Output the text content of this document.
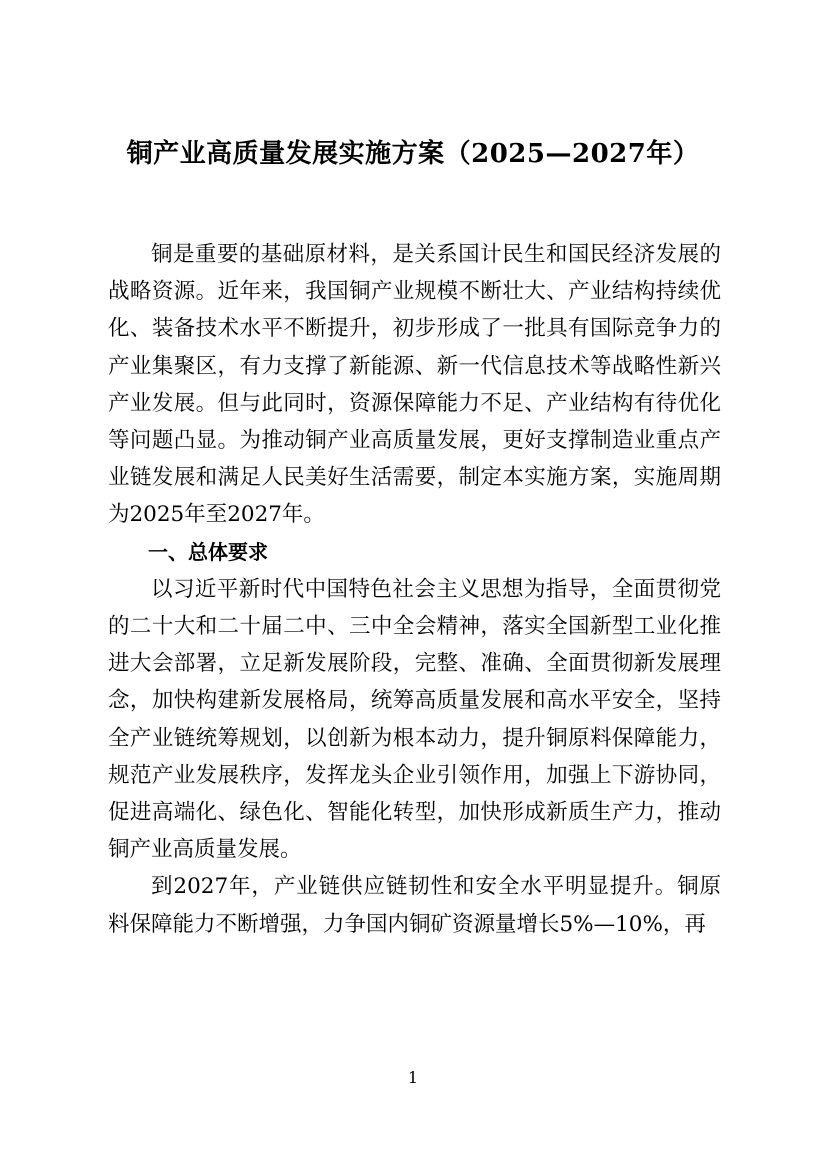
铜产业高质量发展实施方案（2025—2027年）

铜是重要的基础原材料，是关系国计民生和国民经济发展的战略资源。近年来，我国铜产业规模不断壮大、产业结构持续优化、装备技术水平不断提升，初步形成了一批具有国际竞争力的产业集聚区，有力支撑了新能源、新一代信息技术等战略性新兴产业发展。但与此同时，资源保障能力不足、产业结构有待优化等问题凸显。为推动铜产业高质量发展，更好支撑制造业重点产业链发展和满足人民美好生活需要，制定本实施方案，实施周期为2025年至2027年。

一、总体要求

以习近平新时代中国特色社会主义思想为指导，全面贯彻党的二十大和二十届二中、三中全会精神，落实全国新型工业化推进大会部署，立足新发展阶段，完整、准确、全面贯彻新发展理念，加快构建新发展格局，统筹高质量发展和高水平安全，坚持全产业链统筹规划，以创新为根本动力，提升铜原料保障能力，规范产业发展秩序，发挥龙头企业引领作用，加强上下游协同，促进高端化、绿色化、智能化转型，加快形成新质生产力，推动铜产业高质量发展。

到2027年，产业链供应链韧性和安全水平明显提升。铜原料保障能力不断增强，力争国内铜矿资源量增长5%—10%，再

1
